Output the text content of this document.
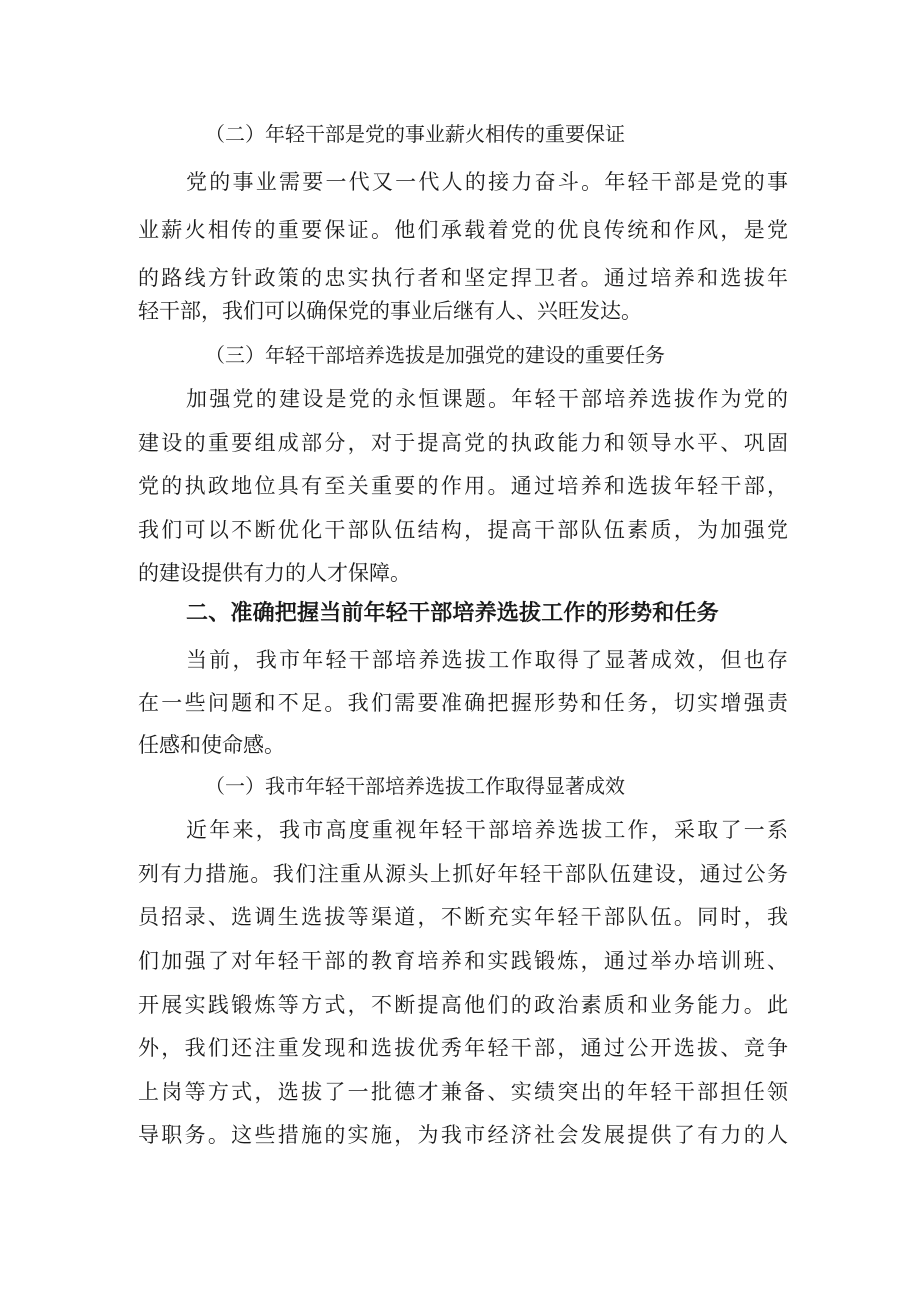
（二）年轻干部是党的事业薪火相传的重要保证
党的事业需要一代又一代人的接力奋斗。年轻干部是党的事
业薪火相传的重要保证。他们承载着党的优良传统和作风，是党
的路线方针政策的忠实执行者和坚定捍卫者。通过培养和选拔年
轻干部，我们可以确保党的事业后继有人、兴旺发达。
（三）年轻干部培养选拔是加强党的建设的重要任务
加强党的建设是党的永恒课题。年轻干部培养选拔作为党的
建设的重要组成部分，对于提高党的执政能力和领导水平、巩固
党的执政地位具有至关重要的作用。通过培养和选拔年轻干部，
我们可以不断优化干部队伍结构，提高干部队伍素质，为加强党
的建设提供有力的人才保障。
二、准确把握当前年轻干部培养选拔工作的形势和任务
当前，我市年轻干部培养选拔工作取得了显著成效，但也存
在一些问题和不足。我们需要准确把握形势和任务，切实增强责
任感和使命感。
（一）我市年轻干部培养选拔工作取得显著成效
近年来，我市高度重视年轻干部培养选拔工作，采取了一系
列有力措施。我们注重从源头上抓好年轻干部队伍建设，通过公务
员招录、选调生选拔等渠道，不断充实年轻干部队伍。同时，我
们加强了对年轻干部的教育培养和实践锻炼，通过举办培训班、
开展实践锻炼等方式，不断提高他们的政治素质和业务能力。此
外，我们还注重发现和选拔优秀年轻干部，通过公开选拔、竞争
上岗等方式，选拔了一批德才兼备、实绩突出的年轻干部担任领
导职务。这些措施的实施，为我市经济社会发展提供了有力的人
